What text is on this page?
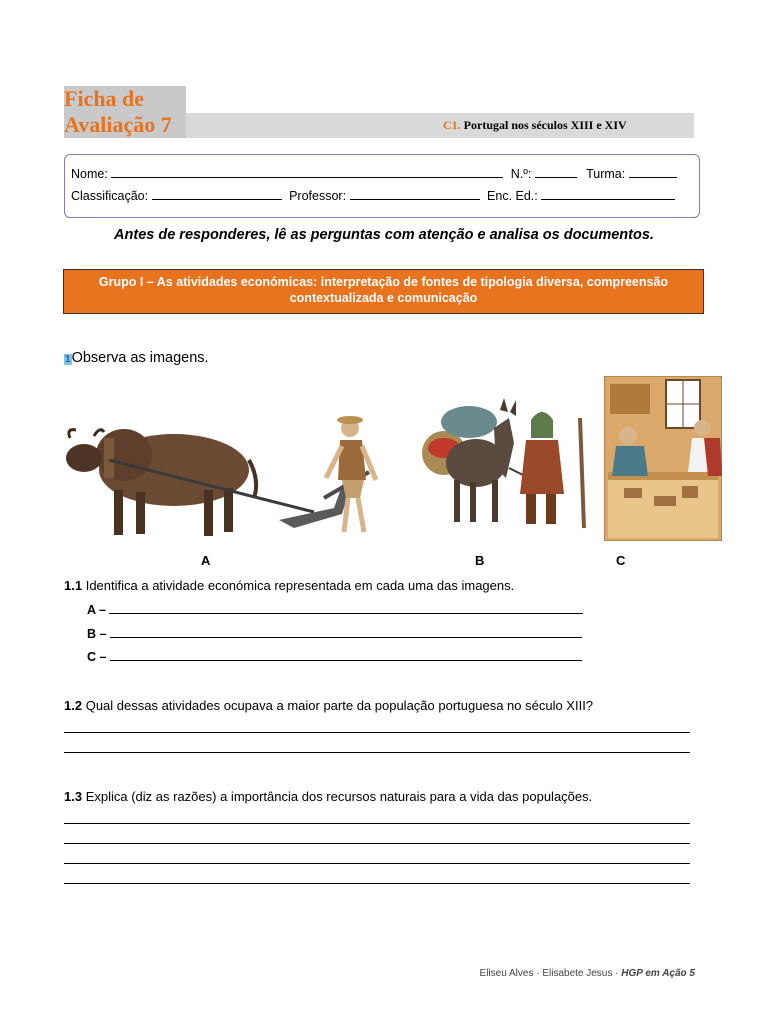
Ficha de
Avaliação 7	C1. Portugal nos séculos XIII e XIV
Nome:	N.º:	Turma:
Classificação:	Professor:	Enc. Ed.:
Antes de responderes, lê as perguntas com atenção e analisa os documentos.
Grupo I – As atividades económicas: interpretação de fontes de tipologia diversa, compreensão
contextualizada e comunicação
1Observa as imagens.
A	B	C
1.1 Identifica a atividade económica representada em cada uma das imagens.
A –
B –
C –
1.2 Qual dessas atividades ocupava a maior parte da população portuguesa no século XIII?
1.3 Explica (diz as razões) a importância dos recursos naturais para a vida das populações.
Eliseu Alves · Elisabete Jesus · HGP em Ação 5
